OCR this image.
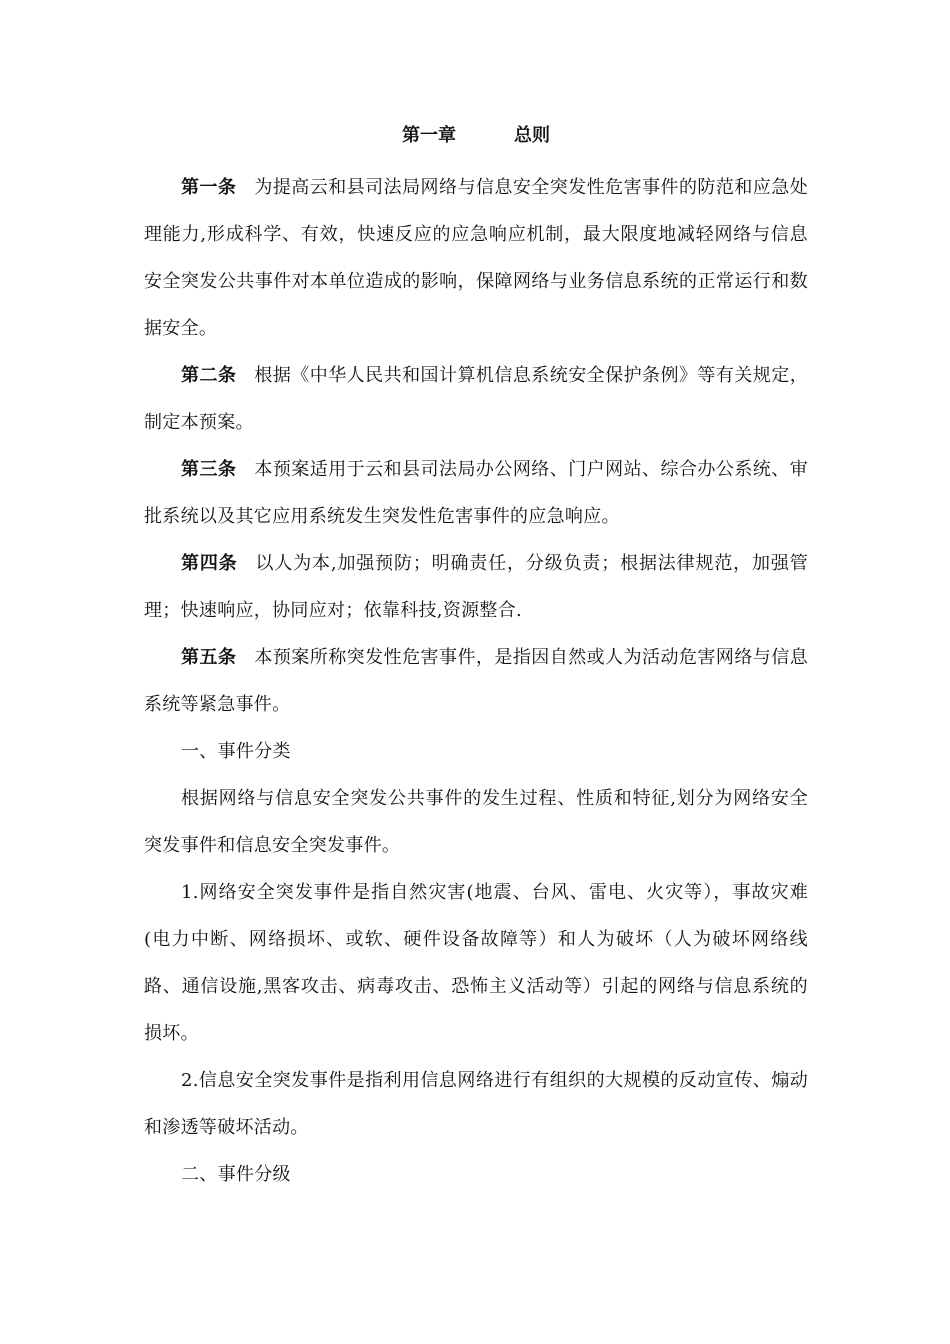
第一章	总则

第一条 为提高云和县司法局网络与信息安全突发性危害事件的防范和应急处理能力,形成科学、有效，快速反应的应急响应机制，最大限度地减轻网络与信息安全突发公共事件对本单位造成的影响，保障网络与业务信息系统的正常运行和数据安全。

第二条 根据《中华人民共和国计算机信息系统安全保护条例》等有关规定，制定本预案。

第三条 本预案适用于云和县司法局办公网络、门户网站、综合办公系统、审批系统以及其它应用系统发生突发性危害事件的应急响应。

第四条 以人为本,加强预防；明确责任，分级负责；根据法律规范，加强管理；快速响应，协同应对；依靠科技,资源整合.

第五条 本预案所称突发性危害事件，是指因自然或人为活动危害网络与信息系统等紧急事件。

一、事件分类

根据网络与信息安全突发公共事件的发生过程、性质和特征,划分为网络安全突发事件和信息安全突发事件。

1.网络安全突发事件是指自然灾害(地震、台风、雷电、火灾等），事故灾难(电力中断、网络损坏、或软、硬件设备故障等）和人为破坏（人为破坏网络线路、通信设施,黑客攻击、病毒攻击、恐怖主义活动等）引起的网络与信息系统的损坏。

2.信息安全突发事件是指利用信息网络进行有组织的大规模的反动宣传、煽动和渗透等破坏活动。

二、事件分级
